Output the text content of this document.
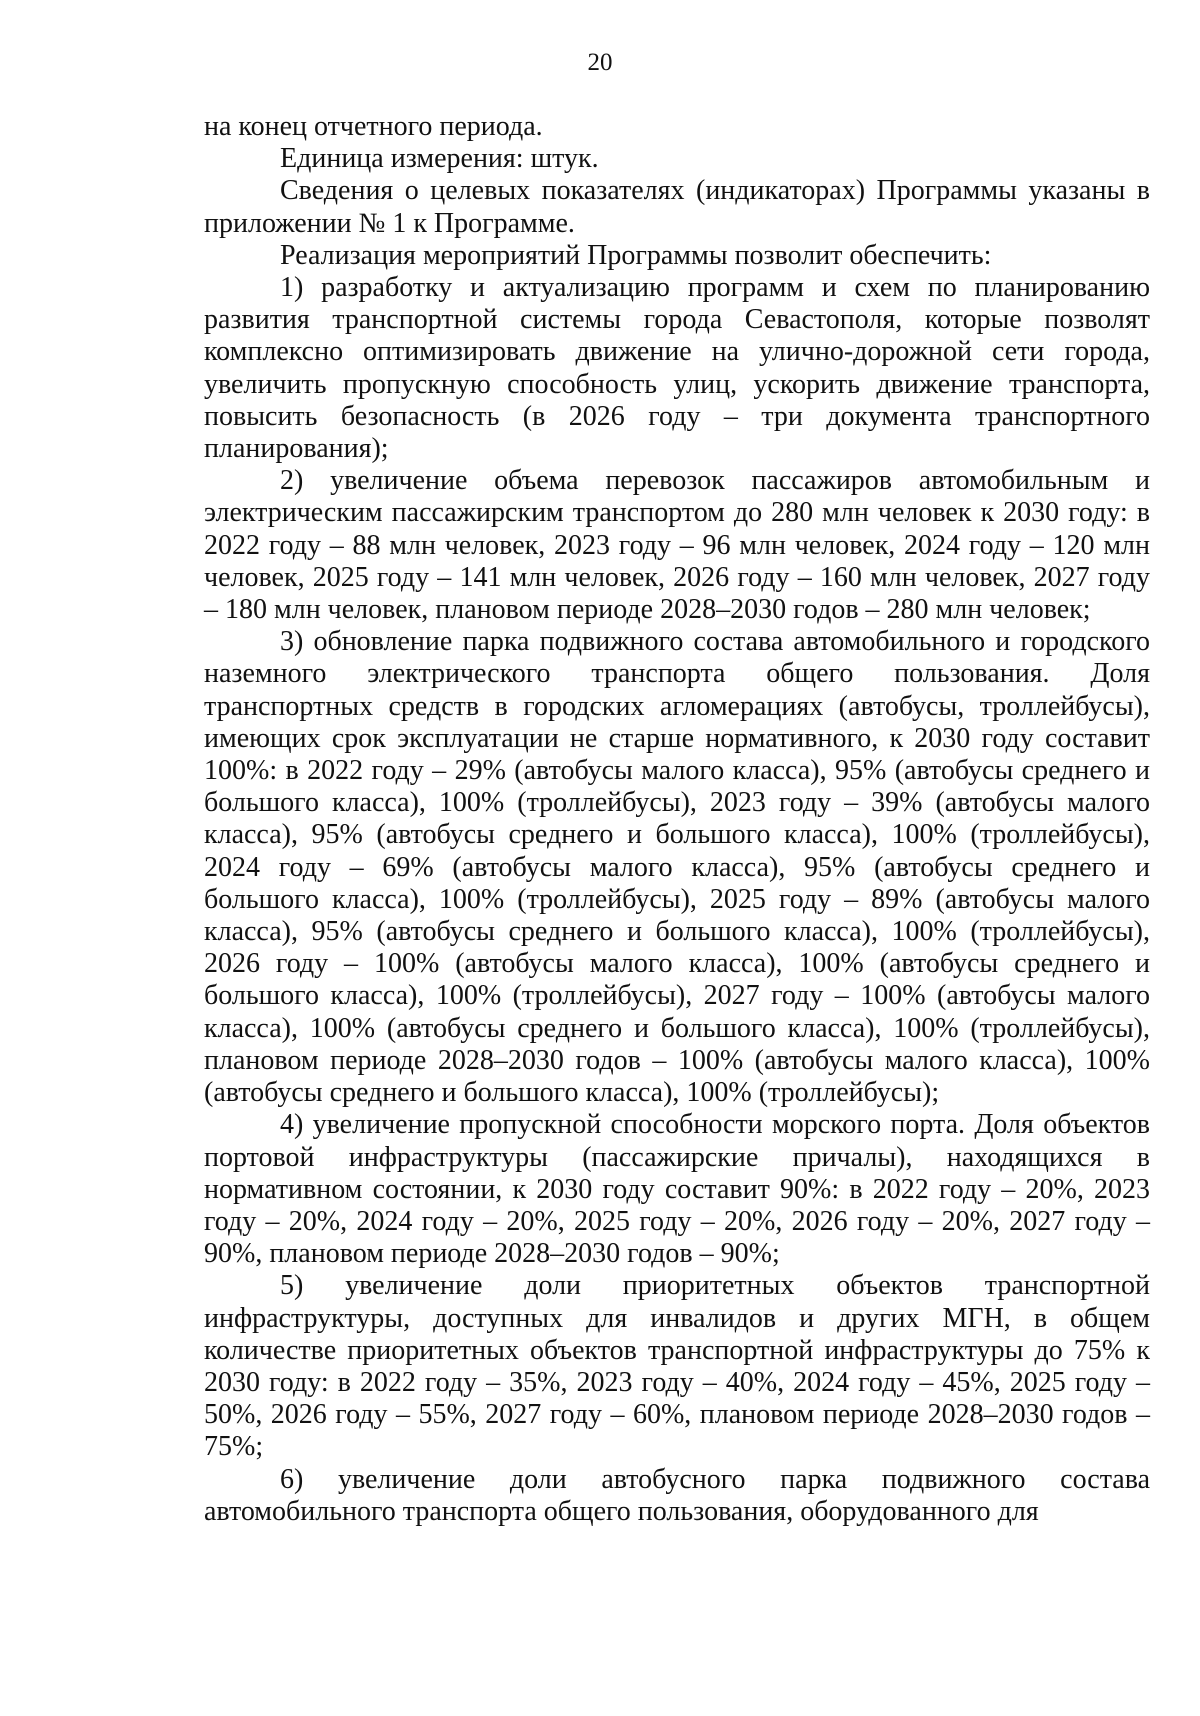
20

на конец отчетного периода.

Единица измерения: штук.

Сведения о целевых показателях (индикаторах) Программы указаны в приложении № 1 к Программе.

Реализация мероприятий Программы позволит обеспечить:

1) разработку и актуализацию программ и схем по планированию развития транспортной системы города Севастополя, которые позволят комплексно оптимизировать движение на улично-дорожной сети города, увеличить пропускную способность улиц, ускорить движение транспорта, повысить безопасность (в 2026 году – три документа транспортного планирования);

2) увеличение объема перевозок пассажиров автомобильным и электрическим пассажирским транспортом до 280 млн человек к 2030 году: в 2022 году – 88 млн человек, 2023 году – 96 млн человек, 2024 году – 120 млн человек, 2025 году – 141 млн человек, 2026 году – 160 млн человек, 2027 году – 180 млн человек, плановом периоде 2028–2030 годов – 280 млн человек;

3) обновление парка подвижного состава автомобильного и городского наземного электрического транспорта общего пользования. Доля транспортных средств в городских агломерациях (автобусы, троллейбусы), имеющих срок эксплуатации не старше нормативного, к 2030 году составит 100%: в 2022 году – 29% (автобусы малого класса), 95% (автобусы среднего и большого класса), 100% (троллейбусы), 2023 году – 39% (автобусы малого класса), 95% (автобусы среднего и большого класса), 100% (троллейбусы), 2024 году – 69% (автобусы малого класса), 95% (автобусы среднего и большого класса), 100% (троллейбусы), 2025 году – 89% (автобусы малого класса), 95% (автобусы среднего и большого класса), 100% (троллейбусы), 2026 году – 100% (автобусы малого класса), 100% (автобусы среднего и большого класса), 100% (троллейбусы), 2027 году – 100% (автобусы малого класса), 100% (автобусы среднего и большого класса), 100% (троллейбусы), плановом периоде 2028–2030 годов – 100% (автобусы малого класса), 100% (автобусы среднего и большого класса), 100% (троллейбусы);

4) увеличение пропускной способности морского порта. Доля объектов портовой инфраструктуры (пассажирские причалы), находящихся в нормативном состоянии, к 2030 году составит 90%: в 2022 году – 20%, 2023 году – 20%, 2024 году – 20%, 2025 году – 20%, 2026 году – 20%, 2027 году – 90%, плановом периоде 2028–2030 годов – 90%;

5) увеличение доли приоритетных объектов транспортной инфраструктуры, доступных для инвалидов и других МГН, в общем количестве приоритетных объектов транспортной инфраструктуры до 75% к 2030 году: в 2022 году – 35%, 2023 году – 40%, 2024 году – 45%, 2025 году – 50%, 2026 году – 55%, 2027 году – 60%, плановом периоде 2028–2030 годов – 75%;

6) увеличение доли автобусного парка подвижного состава автомобильного транспорта общего пользования, оборудованного для
